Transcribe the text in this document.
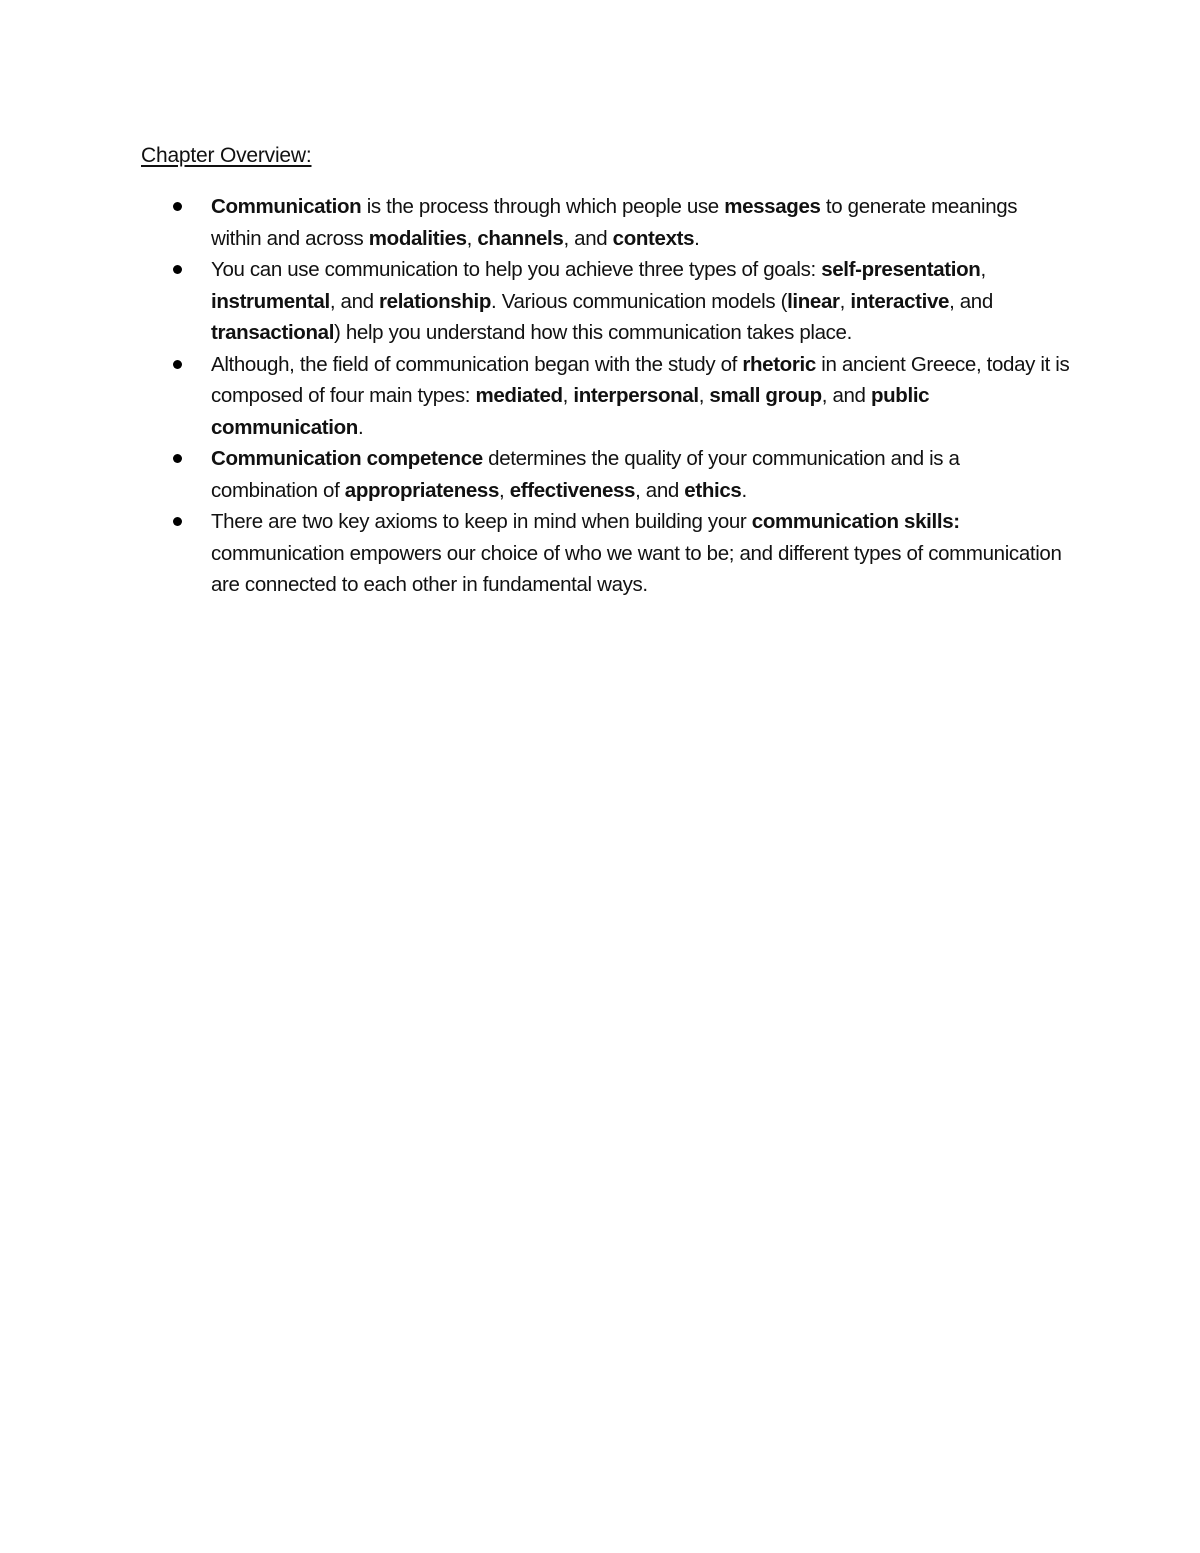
Chapter Overview:
Communication is the process through which people use messages to generate meanings within and across modalities, channels, and contexts.
You can use communication to help you achieve three types of goals: self-presentation, instrumental, and relationship. Various communication models (linear, interactive, and transactional) help you understand how this communication takes place.
Although, the field of communication began with the study of rhetoric in ancient Greece, today it is composed of four main types: mediated, interpersonal, small group, and public communication.
Communication competence determines the quality of your communication and is a combination of appropriateness, effectiveness, and ethics.
There are two key axioms to keep in mind when building your communication skills: communication empowers our choice of who we want to be; and different types of communication are connected to each other in fundamental ways.
